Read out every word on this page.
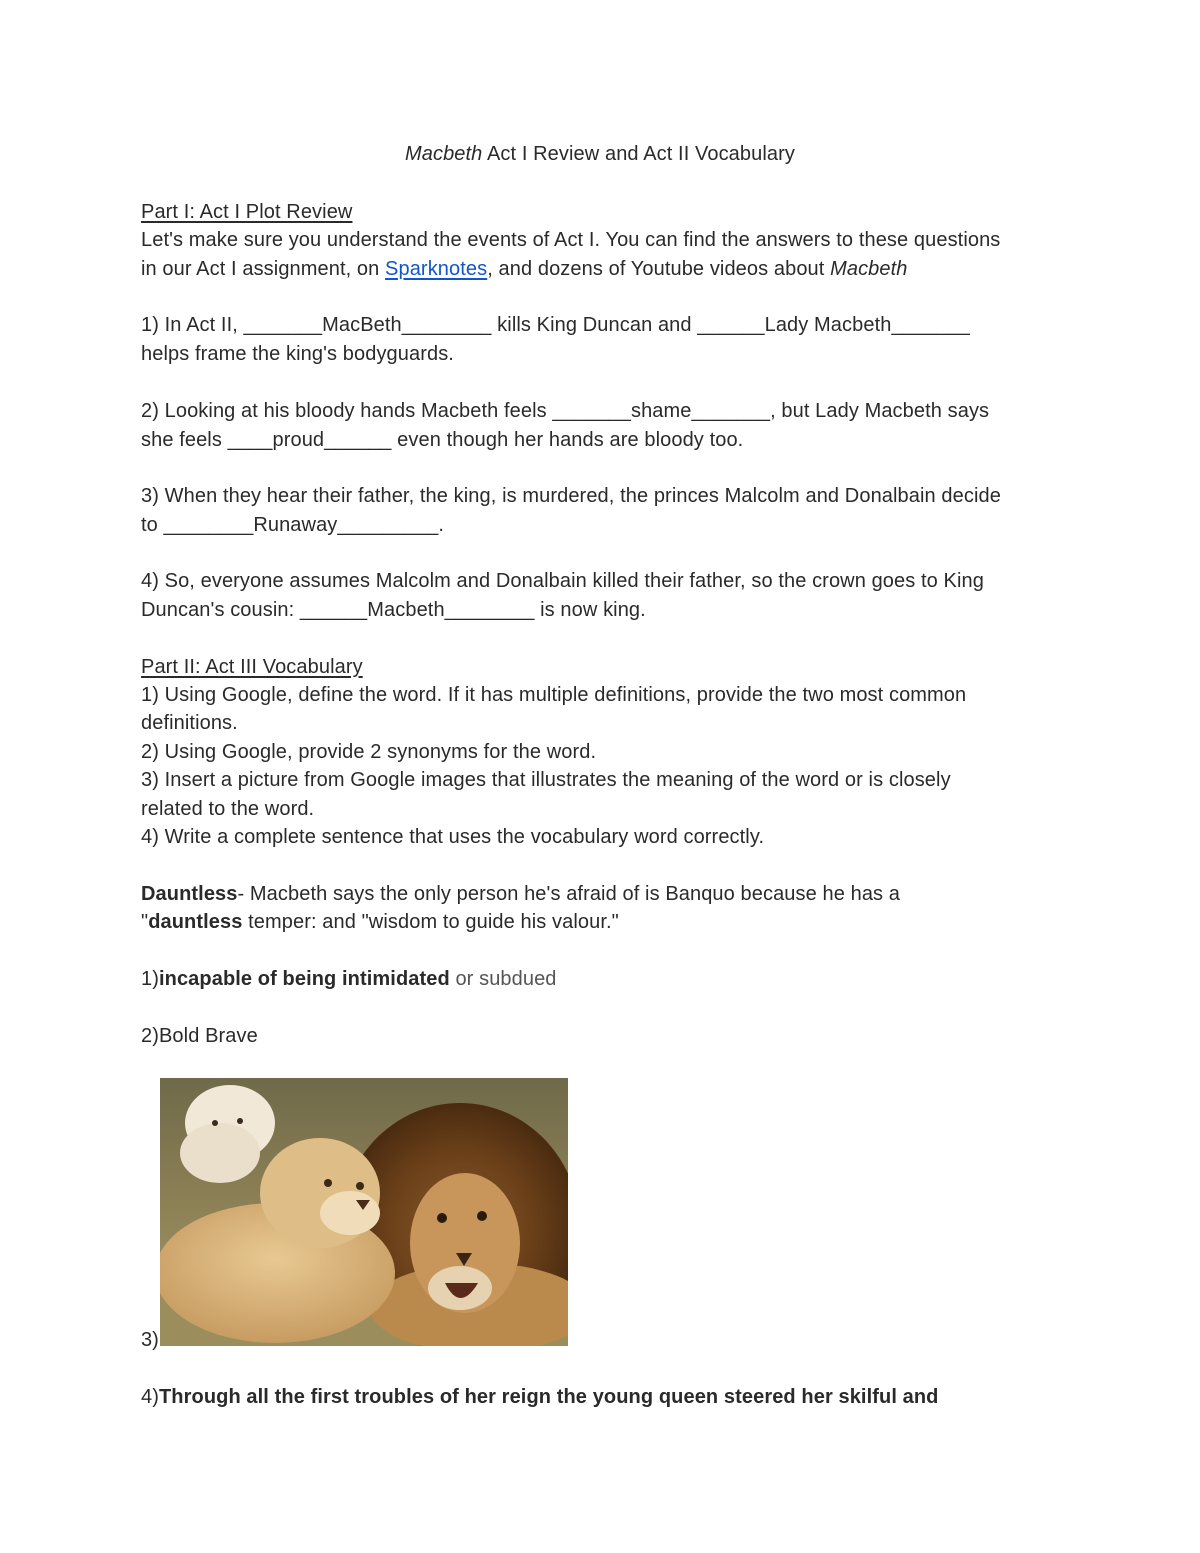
Macbeth Act I Review and Act II Vocabulary
Part I: Act I Plot Review
Let's make sure you understand the events of Act I. You can find the answers to these questions
in our Act I assignment, on Sparknotes, and dozens of Youtube videos about Macbeth
1) In Act II, _______MacBeth________ kills King Duncan and ______Lady Macbeth_______
helps frame the king's bodyguards.
2) Looking at his bloody hands Macbeth feels _______shame_______, but Lady Macbeth says
she feels ____proud______ even though her hands are bloody too.
3) When they hear their father, the king, is murdered, the princes Malcolm and Donalbain decide
to ________Runaway_________.
4) So, everyone assumes Malcolm and Donalbain killed their father, so the crown goes to King
Duncan's cousin: ______Macbeth________ is now king.
Part II: Act III Vocabulary
1) Using Google, define the word. If it has multiple definitions, provide the two most common
definitions.
2) Using Google, provide 2 synonyms for the word.
3) Insert a picture from Google images that illustrates the meaning of the word or is closely
related to the word.
4) Write a complete sentence that uses the vocabulary word correctly.
Dauntless- Macbeth says the only person he's afraid of is Banquo because he has a
"dauntless temper: and "wisdom to guide his valour."
1)incapable of being intimidated or subdued
2)Bold Brave
3)
4)Through all the first troubles of her reign the young queen steered her skilful and
